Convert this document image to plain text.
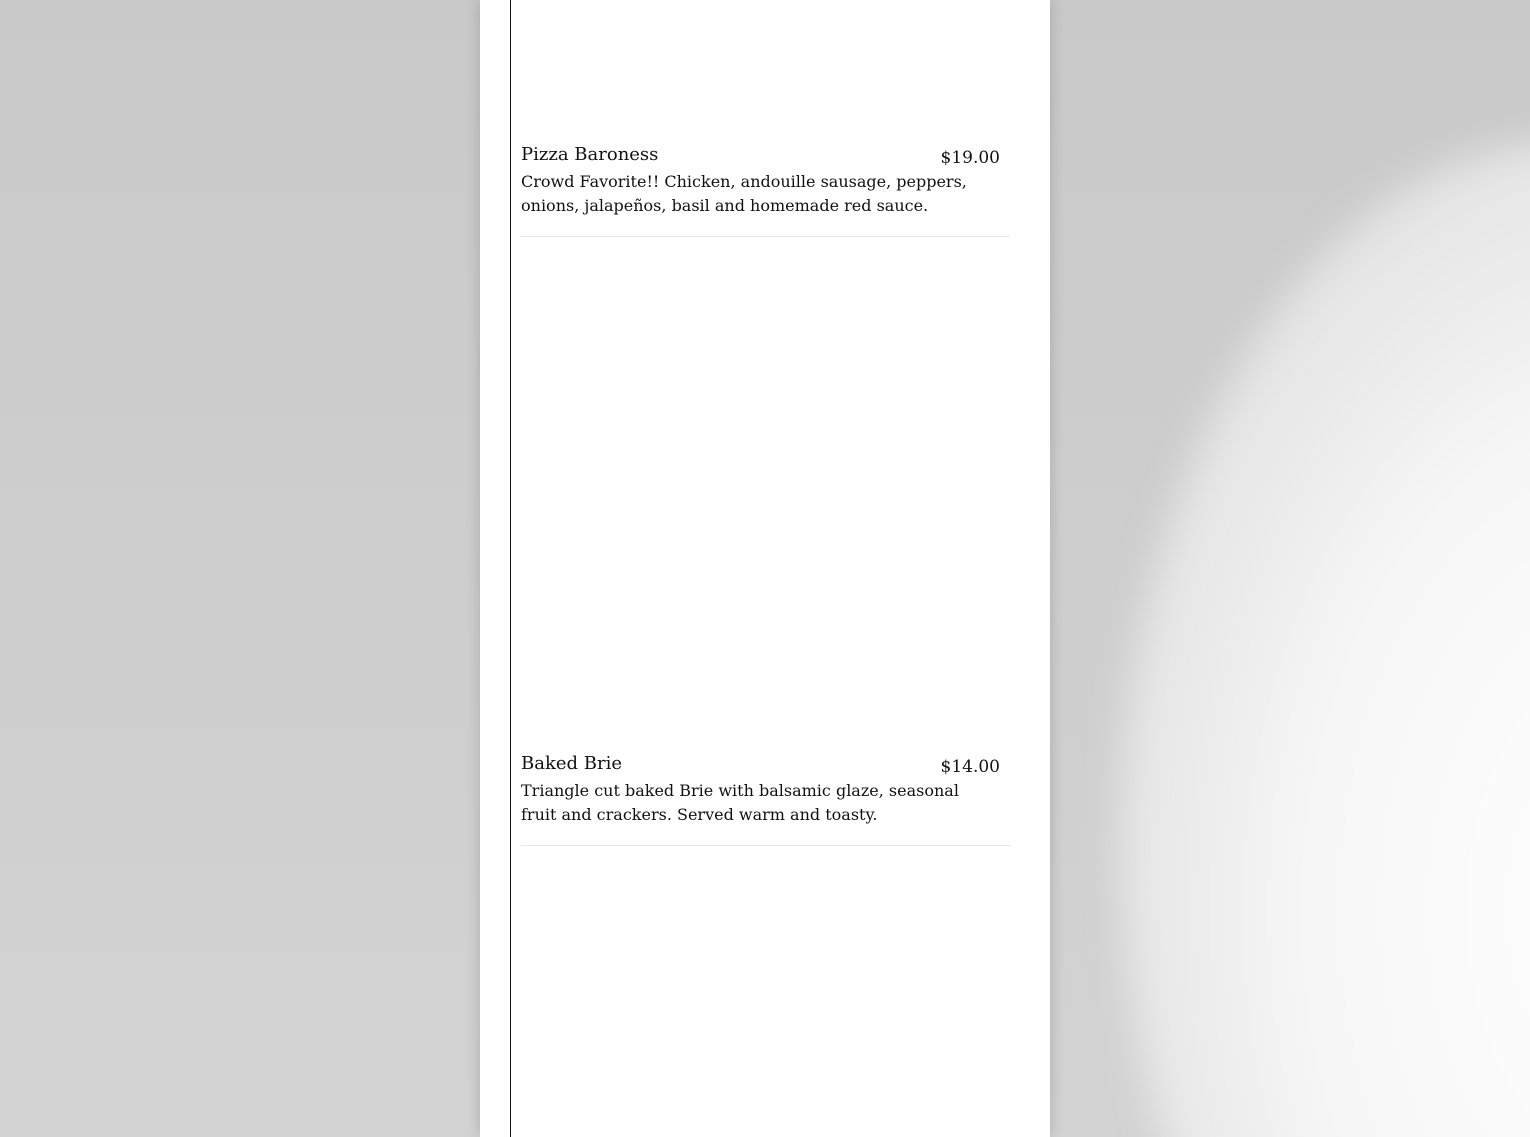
Pizza Baroness	$19.00
Crowd Favorite!! Chicken, andouille sausage, peppers, onions, jalapeños, basil and homemade red sauce.
Baked Brie	$14.00
Triangle cut baked Brie with balsamic glaze, seasonal fruit and crackers. Served warm and toasty.
